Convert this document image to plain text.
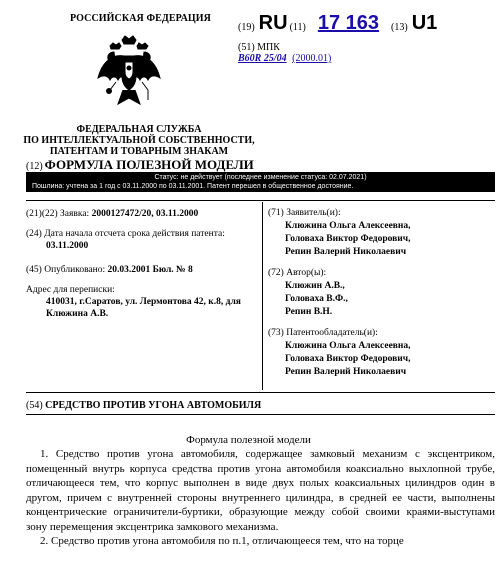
РОССИЙСКАЯ ФЕДЕРАЦИЯ
(19) RU (11) 17 163 (13) U1
(51) МПК
B60R 25/04 (2000.01)
ФЕДЕРАЛЬНАЯ СЛУЖБА
ПО ИНТЕЛЛЕКТУАЛЬНОЙ СОБСТВЕННОСТИ,
ПАТЕНТАМ И ТОВАРНЫМ ЗНАКАМ
(12) ФОРМУЛА ПОЛЕЗНОЙ МОДЕЛИ
Статус: не действует (последнее изменение статуса: 02.07.2021)
Пошлина: учтена за 1 год с 03.11.2000 по 03.11.2001. Патент перешел в общественное достояние.
(21)(22) Заявка: 2000127472/20, 03.11.2000
(24) Дата начала отсчета срока действия патента:
03.11.2000
(45) Опубликовано: 20.03.2001 Бюл. № 8
Адрес для переписки:
410031, г.Саратов, ул. Лермонтова 42, к.8, для Клюжина А.В.
(71) Заявитель(и):
Клюжина Ольга Алексеевна,
Головаха Виктор Федорович,
Репин Валерий Николаевич
(72) Автор(ы):
Клюжин А.В.,
Головаха В.Ф.,
Репин В.Н.
(73) Патентообладатель(и):
Клюжина Ольга Алексеевна,
Головаха Виктор Федорович,
Репин Валерий Николаевич
(54) СРЕДСТВО ПРОТИВ УГОНА АВТОМОБИЛЯ
Формула полезной модели

1. Средство против угона автомобиля, содержащее замковый механизм с эксцентриком, помещенный внутрь корпуса средства против угона автомобиля коаксиально выхлопной трубе, отличающееся тем, что корпус выполнен в виде двух полых коаксиальных цилиндров один в другом, причем с внутренней стороны внутреннего цилиндра, в средней ее части, выполнены концентрические ограничители-буртики, образующие между собой своими краями-выступами зону перемещения эксцентрика замкового механизма.

2. Средство против угона автомобиля по п.1, отличающееся тем, что на торце
